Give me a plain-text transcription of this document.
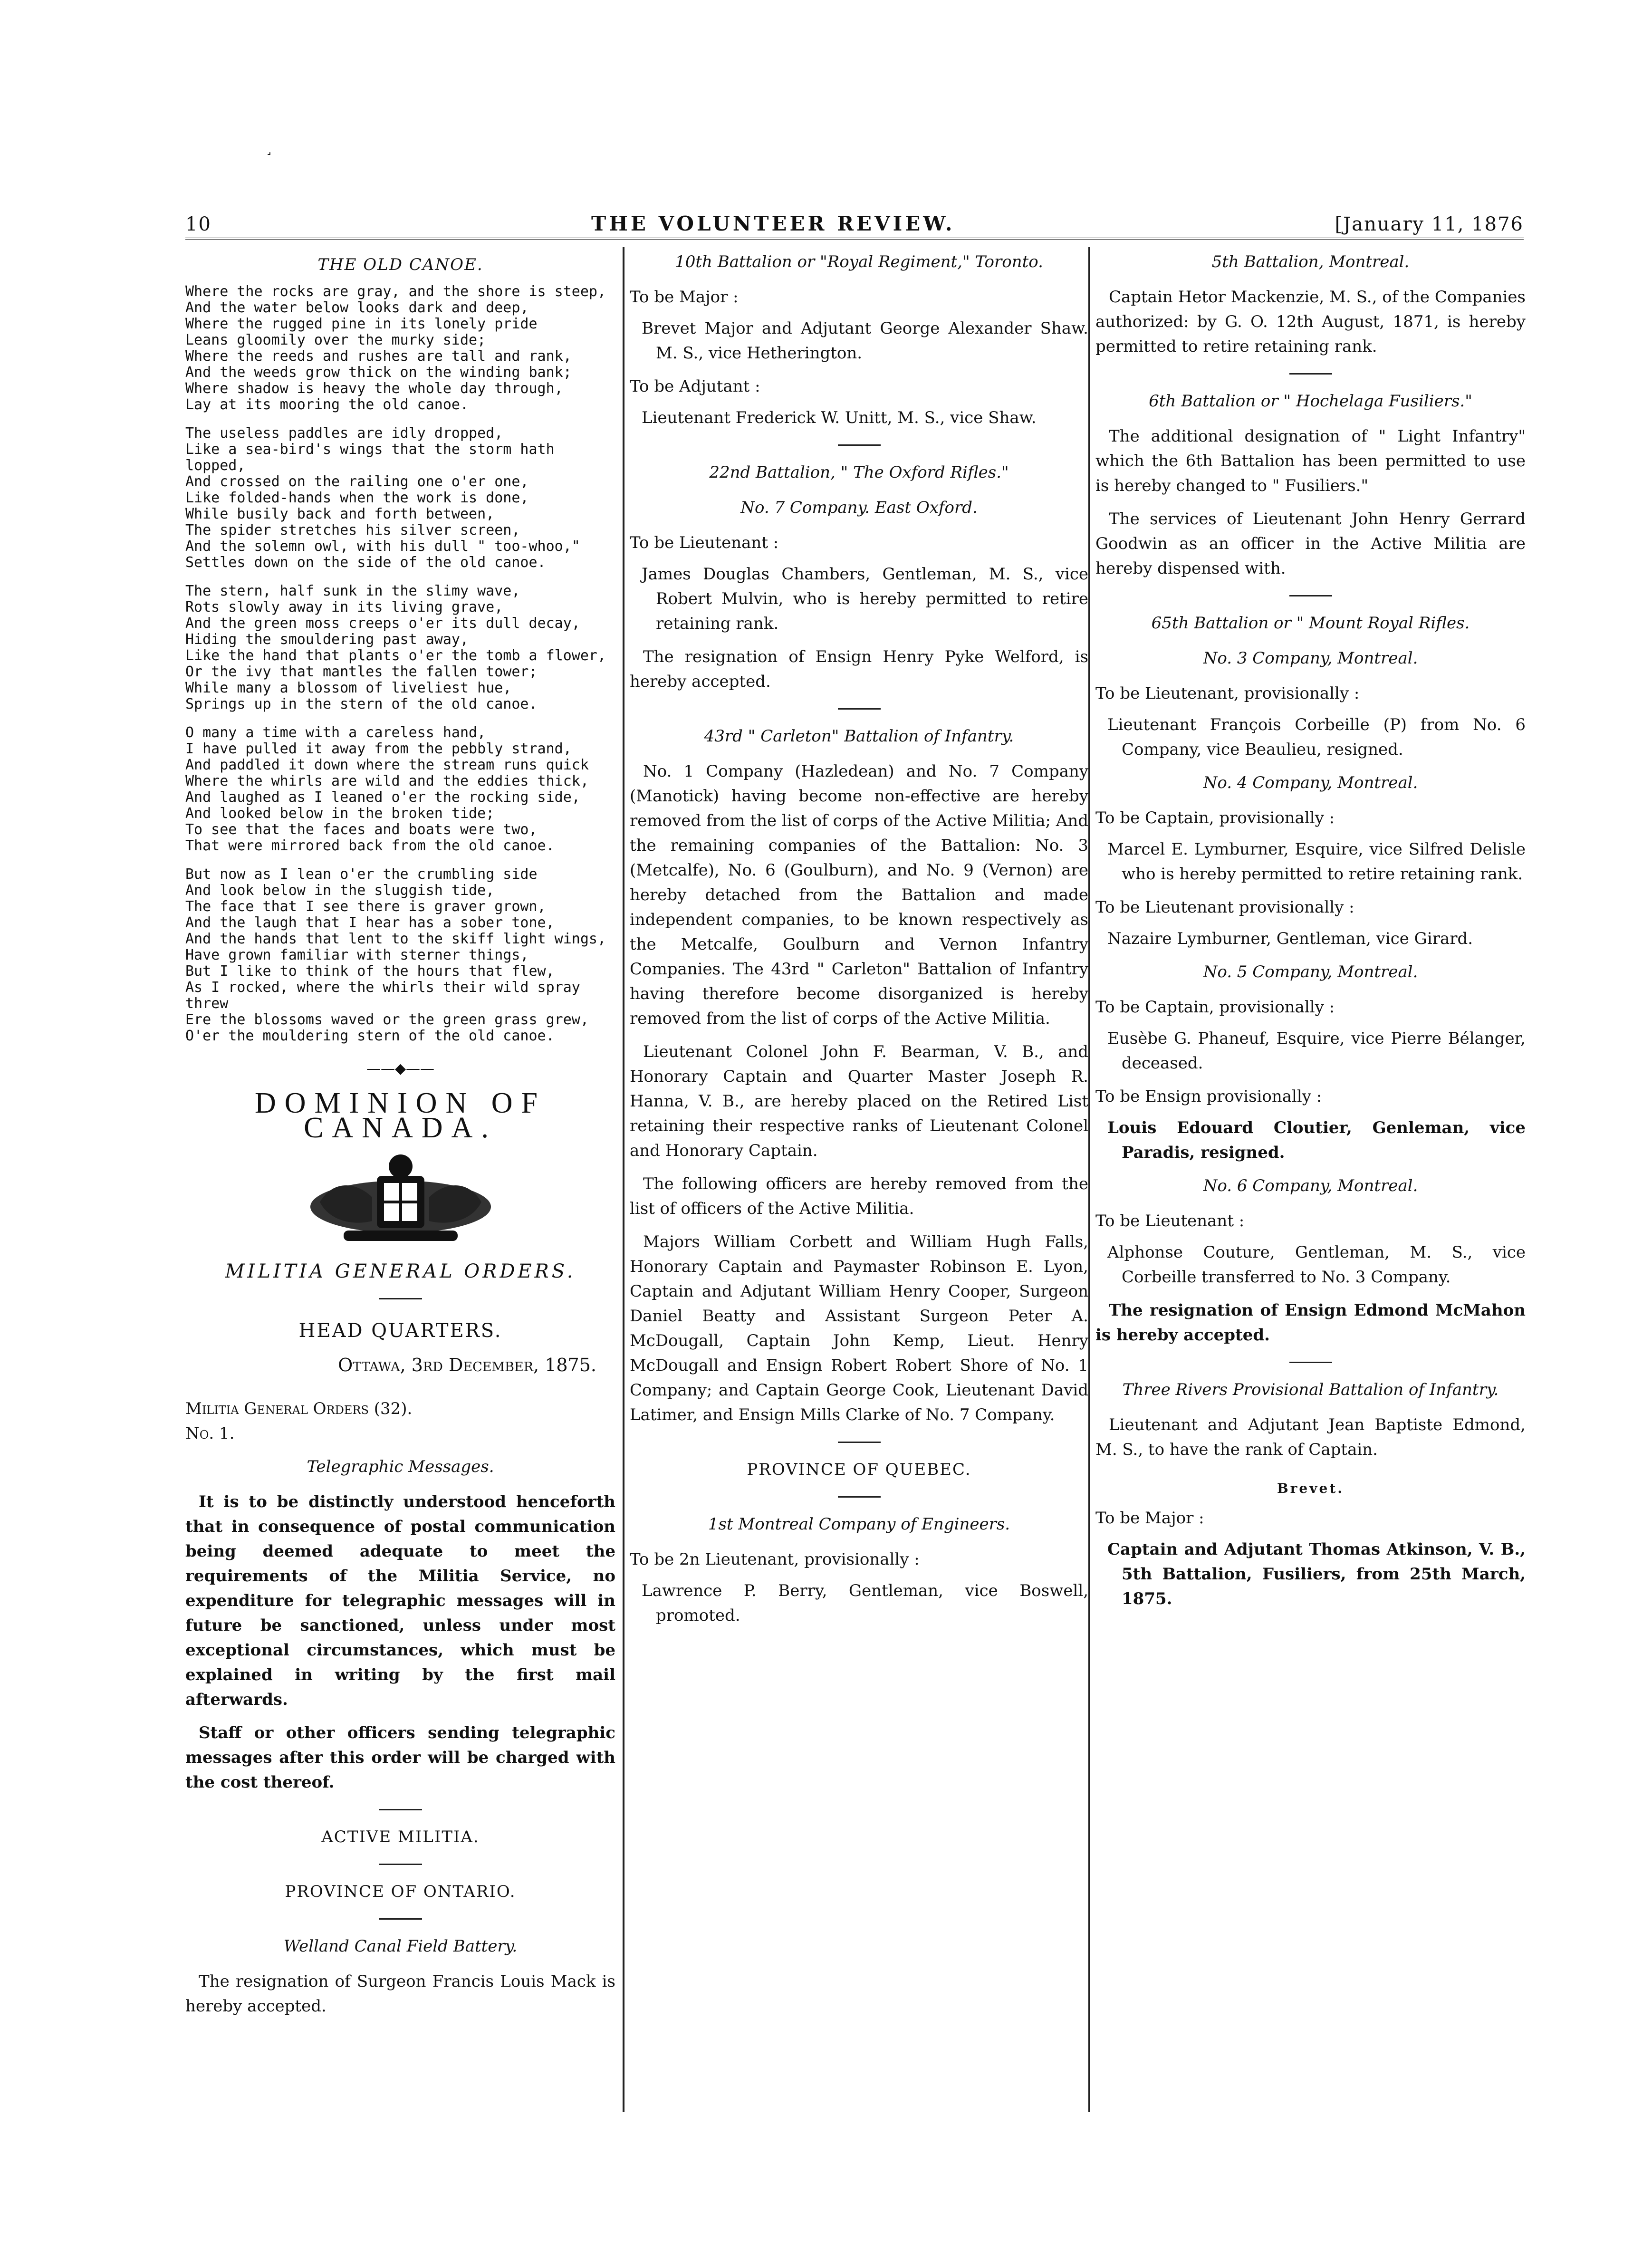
10	THE VOLUNTEER REVIEW.	[January 11, 1876
THE OLD CANOE.
Where the rocks are gray, and the shore is steep,
And the water below looks dark and deep,
Where the rugged pine in its lonely pride
Leans gloomily over the murky side;
Where the reeds and rushes are tall and rank,
And the weeds grow thick on the winding bank;
Where shadow is heavy the whole day through,
Lay at its mooring the old canoe.
The useless paddles are idly dropped,
Like a sea-bird's wings that the storm hath
lopped,
And crossed on the railing one o'er one,
Like folded-hands when the work is done,
While busily back and forth between,
The spider stretches his silver screen,
And the solemn owl, with his dull " too-whoo,"
Settles down on the side of the old canoe.
The stern, half sunk in the slimy wave,
Rots slowly away in its living grave,
And the green moss creeps o'er its dull decay,
Hiding the smouldering past away,
Like the hand that plants o'er the tomb a flower,
Or the ivy that mantles the fallen tower;
While many a blossom of liveliest hue,
Springs up in the stern of the old canoe.
O many a time with a careless hand,
I have pulled it away from the pebbly strand,
And paddled it down where the stream runs quick
Where the whirls are wild and the eddies thick,
And laughed as I leaned o'er the rocking side,
And looked below in the broken tide;
To see that the faces and boats were two,
That were mirrored back from the old canoe.
But now as I lean o'er the crumbling side
And look below in the sluggish tide,
The face that I see there is graver grown,
And the laugh that I hear has a sober tone,
And the hands that lent to the skiff light wings,
Have grown familiar with sterner things,
But I like to think of the hours that flew,
As I rocked, where the whirls their wild spray
threw
Ere the blossoms waved or the green grass grew,
O'er the mouldering stern of the old canoe.
——◆——
DOMINION OF CANADA.
MILITIA GENERAL ORDERS.
HEAD QUARTERS.
Ottawa, 3rd December, 1875.
Militia General Orders (32).
No. 1.
Telegraphic Messages.

It is to be distinctly understood henceforth that in consequence of postal communication being deemed adequate to meet the requirements of the Militia Service, no expenditure for telegraphic messages will in future be sanctioned, unless under most exceptional circumstances, which must be explained in writing by the first mail afterwards.

Staff or other officers sending telegraphic messages after this order will be charged with the cost thereof.

ACTIVE MILITIA.
PROVINCE OF ONTARIO.
Welland Canal Field Battery.

The resignation of Surgeon Francis Louis Mack is hereby accepted.

10th Battalion or "Royal Regiment," Toronto.
To be Major :
Brevet Major and Adjutant George Alexander Shaw. M. S., vice Hetherington.
To be Adjutant :
Lieutenant Frederick W. Unitt, M. S., vice Shaw.
22nd Battalion, " The Oxford Rifles."
No. 7 Company. East Oxford.
To be Lieutenant :
James Douglas Chambers, Gentleman, M. S., vice Robert Mulvin, who is hereby permitted to retire retaining rank.

The resignation of Ensign Henry Pyke Welford, is hereby accepted.

43rd " Carleton" Battalion of Infantry.

No. 1 Company (Hazledean) and No. 7 Company (Manotick) having become non-effective are hereby removed from the list of corps of the Active Militia; And the remaining companies of the Battalion: No. 3 (Metcalfe), No. 6 (Goulburn), and No. 9 (Vernon) are hereby detached from the Battalion and made independent companies, to be known respectively as the Metcalfe, Goulburn and Vernon Infantry Companies. The 43rd " Carleton" Battalion of Infantry having therefore become disorganized is hereby removed from the list of corps of the Active Militia.

Lieutenant Colonel John F. Bearman, V. B., and Honorary Captain and Quarter Master Joseph R. Hanna, V. B., are hereby placed on the Retired List retaining their respective ranks of Lieutenant Colonel and Honorary Captain.

The following officers are hereby removed from the list of officers of the Active Militia.

Majors William Corbett and William Hugh Falls, Honorary Captain and Paymaster Robinson E. Lyon, Captain and Adjutant William Henry Cooper, Surgeon Daniel Beatty and Assistant Surgeon Peter A. McDougall, Captain John Kemp, Lieut. Henry McDougall and Ensign Robert Robert Shore of No. 1 Company; and Captain George Cook, Lieutenant David Latimer, and Ensign Mills Clarke of No. 7 Company.

PROVINCE OF QUEBEC.
1st Montreal Company of Engineers.
To be 2n Lieutenant, provisionally :
Lawrence P. Berry, Gentleman, vice Boswell, promoted.
5th Battalion, Montreal.

Captain Hetor Mackenzie, M. S., of the Companies authorized: by G. O. 12th August, 1871, is hereby permitted to retire retaining rank.

6th Battalion or " Hochelaga Fusiliers."

The additional designation of " Light Infantry" which the 6th Battalion has been permitted to use is hereby changed to " Fusiliers."

The services of Lieutenant John Henry Gerrard Goodwin as an officer in the Active Militia are hereby dispensed with.

65th Battalion or " Mount Royal Rifles.
No. 3 Company, Montreal.
To be Lieutenant, provisionally :
Lieutenant François Corbeille (P) from No. 6 Company, vice Beaulieu, resigned.
No. 4 Company, Montreal.
To be Captain, provisionally :
Marcel E. Lymburner, Esquire, vice Silfred Delisle who is hereby permitted to retire retaining rank.
To be Lieutenant provisionally :
Nazaire Lymburner, Gentleman, vice Girard.
No. 5 Company, Montreal.
To be Captain, provisionally :
Eusèbe G. Phaneuf, Esquire, vice Pierre Bélanger, deceased.
To be Ensign provisionally :
Louis Edouard Cloutier, Genleman, vice Paradis, resigned.
No. 6 Company, Montreal.
To be Lieutenant :
Alphonse Couture, Gentleman, M. S., vice Corbeille transferred to No. 3 Company.

The resignation of Ensign Edmond McMahon is hereby accepted.

Three Rivers Provisional Battalion of Infantry.

Lieutenant and Adjutant Jean Baptiste Edmond, M. S., to have the rank of Captain.

Brevet.
To be Major :
Captain and Adjutant Thomas Atkinson, V. B., 5th Battalion, Fusiliers, from 25th March, 1875.
˼
